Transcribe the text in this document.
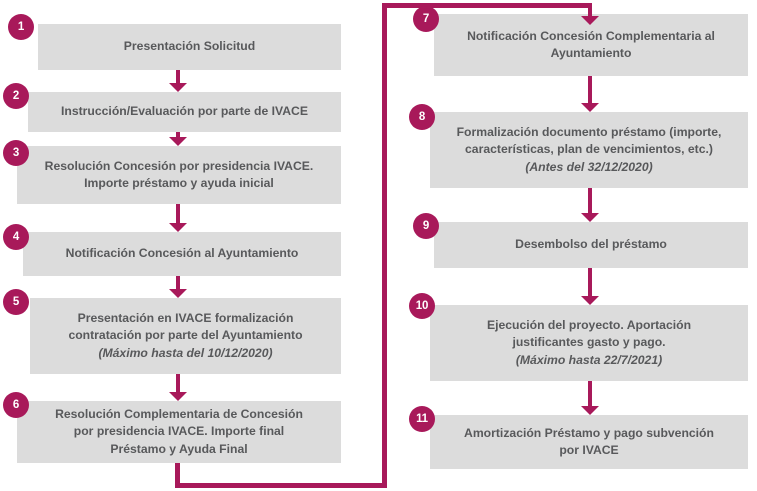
Presentación Solicitud
Instrucción/Evaluación por parte de IVACE
Resolución Concesión por presidencia IVACE.
Importe préstamo y ayuda inicial
Notificación Concesión al Ayuntamiento
Presentación en IVACE formalización
contratación por parte del Ayuntamiento
(Máximo hasta del 10/12/2020)
Resolución Complementaria de Concesión
por presidencia IVACE. Importe final
Préstamo y Ayuda Final
Notificación Concesión Complementaria al
Ayuntamiento
Formalización documento préstamo (importe,
características, plan de vencimientos, etc.)
(Antes del 32/12/2020)
Desembolso del préstamo
Ejecución del proyecto. Aportación
justificantes gasto y pago.
(Máximo hasta 22/7/2021)
Amortización Préstamo y pago subvención
por IVACE
1
2
3
4
5
6
7
8
9
10
11
